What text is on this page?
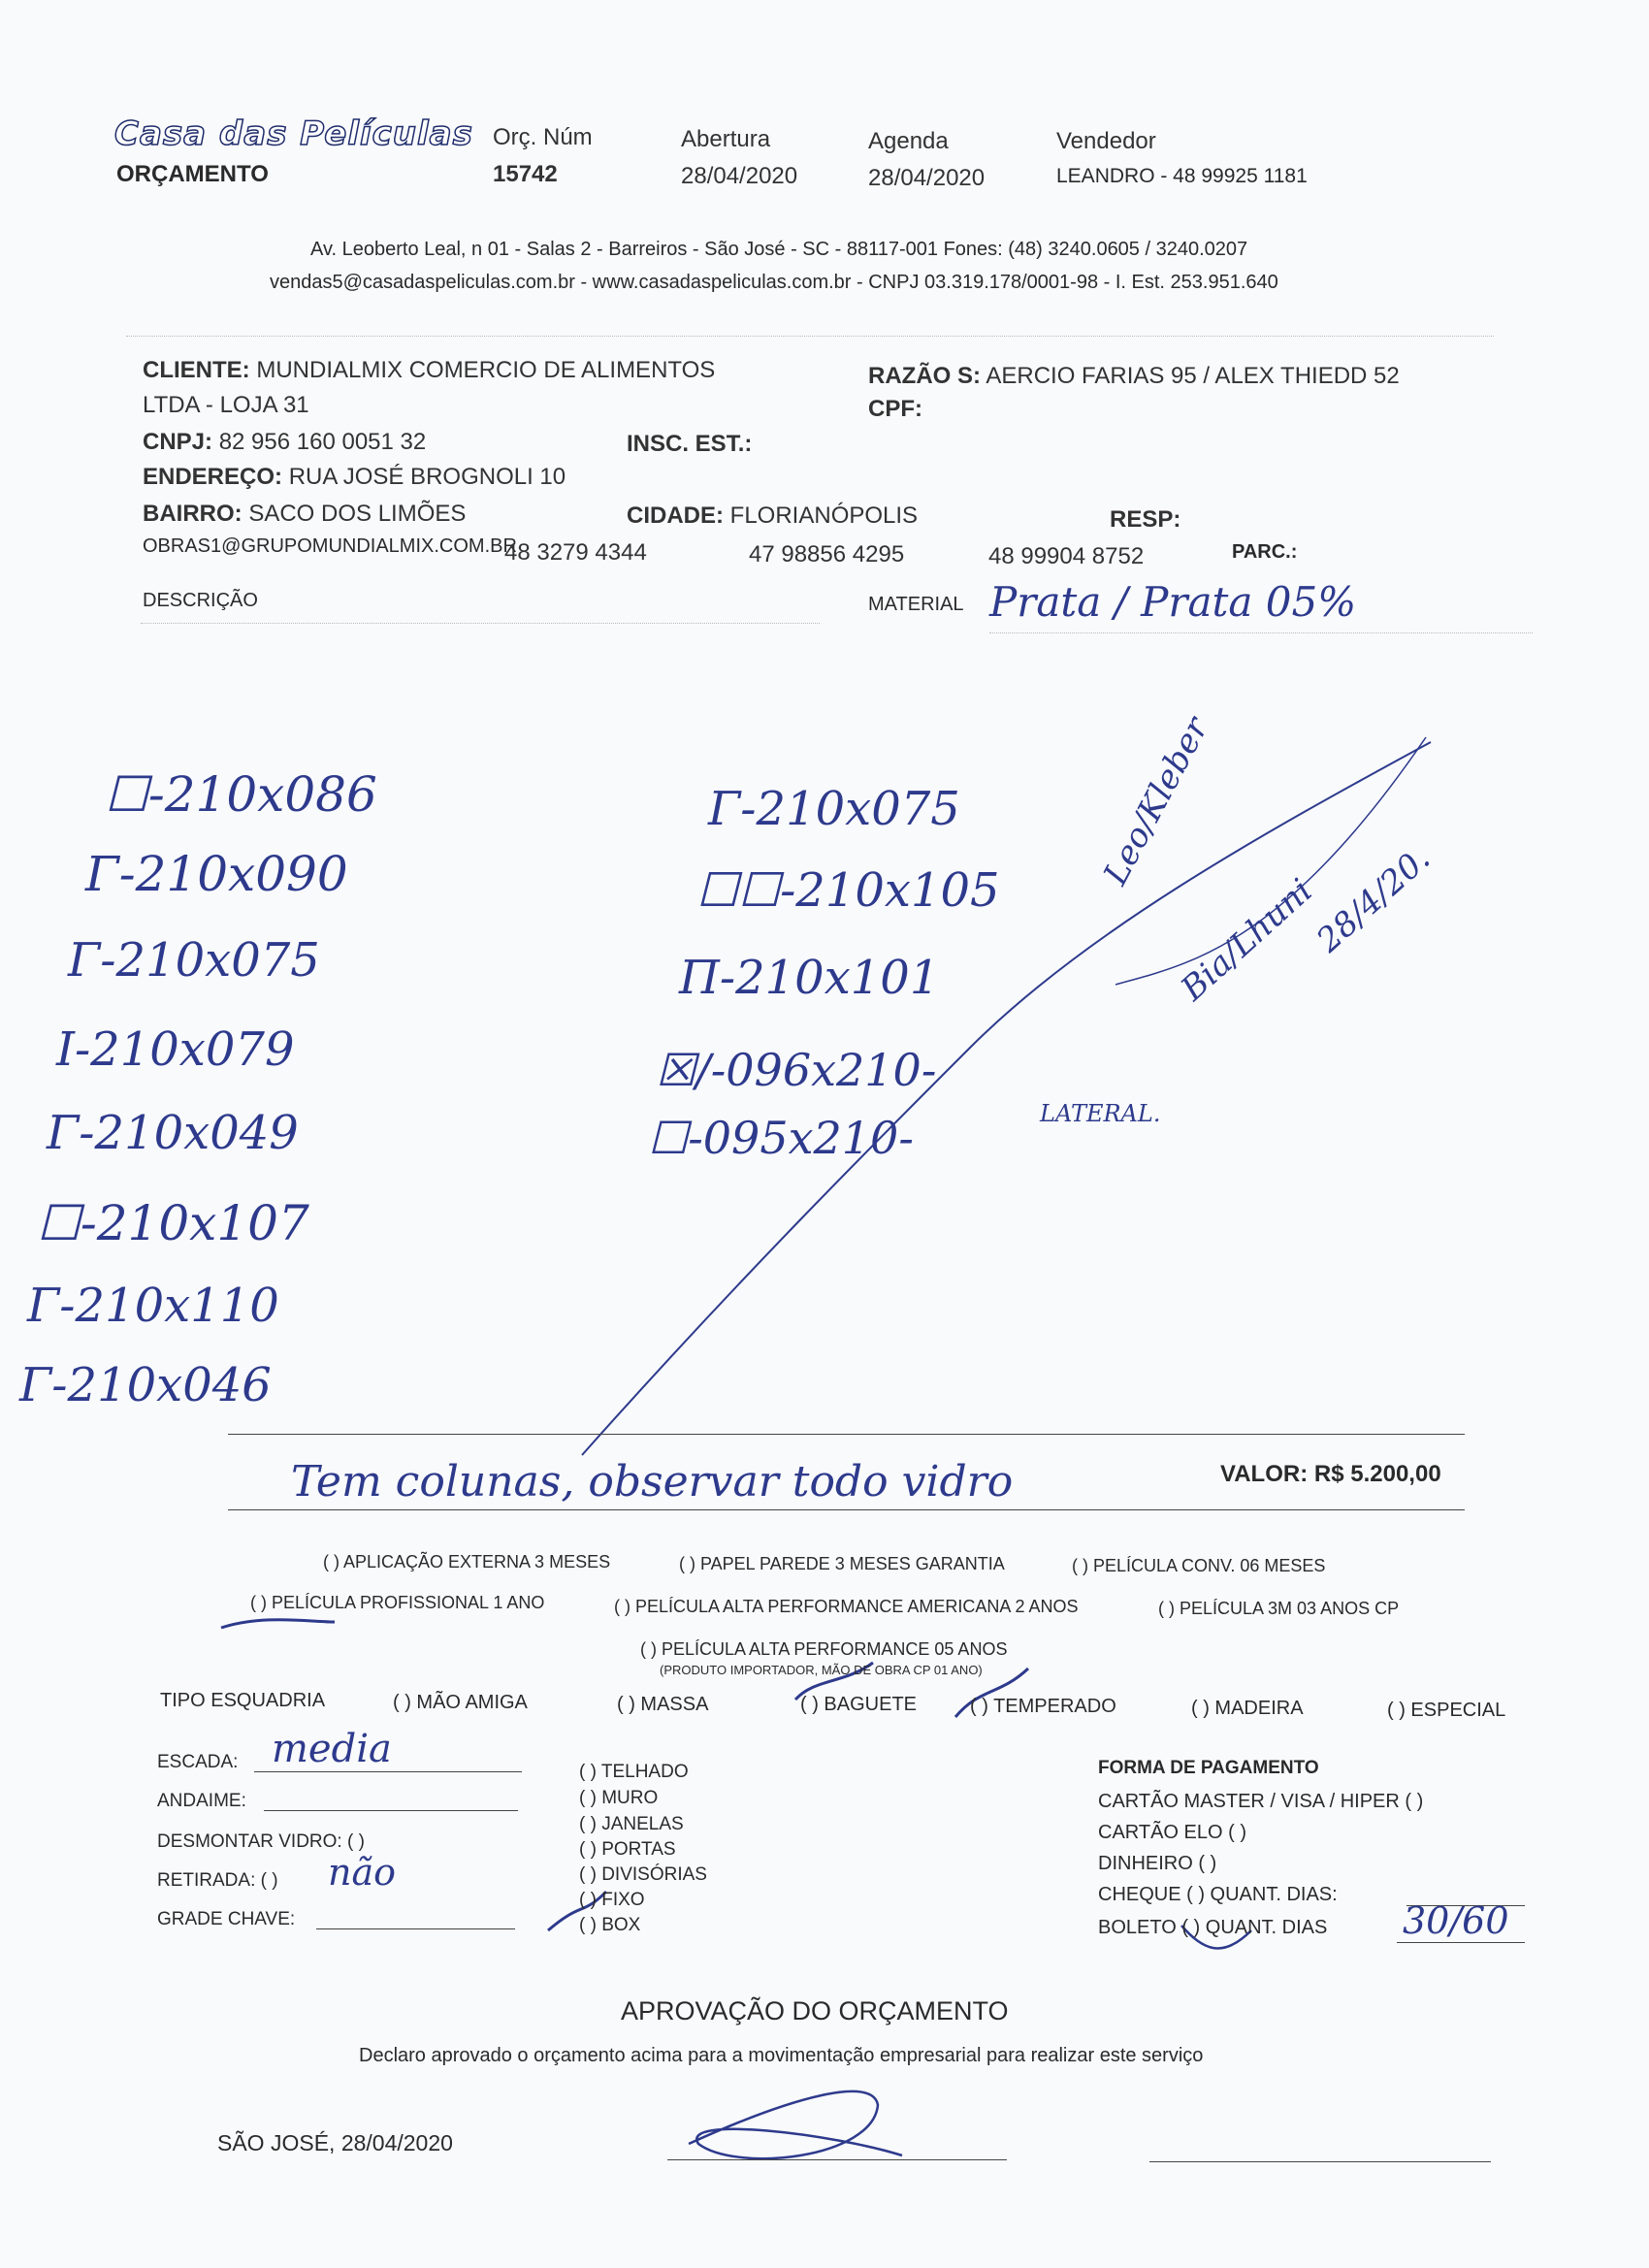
Casa das Películas
ORÇAMENTO
Orç. Núm
15742
Abertura
28/04/2020
Agenda
28/04/2020
Vendedor
LEANDRO - 48 99925 1181
Av. Leoberto Leal, n 01 - Salas 2 - Barreiros - São José - SC - 88117-001 Fones: (48) 3240.0605 / 3240.0207
vendas5@casadaspeliculas.com.br - www.casadaspeliculas.com.br - CNPJ 03.319.178/0001-98 - I. Est. 253.951.640
CLIENTE: MUNDIALMIX COMERCIO DE ALIMENTOS
LTDA - LOJA 31
RAZÃO S: AERCIO FARIAS 95 / ALEX THIEDD 52
CPF:
CNPJ: 82 956 160 0051 32	INSC. EST.:
ENDEREÇO: RUA JOSÉ BROGNOLI 10
BAIRRO: SACO DOS LIMÕES	CIDADE: FLORIANÓPOLIS	RESP:
OBRAS1@GRUPOMUNDIALMIX.COM.BR
48 3279 4344	47 98856 4295	48 99904 8752	PARC.:
DESCRIÇÃO	MATERIAL Prata / Prata 05%
☐-210x086
Γ-210x090
Γ-210x075
I-210x079
Γ-210x049
☐-210x107
Γ-210x110
Γ-210x046
Γ-210x075
☐☐-210x105
Π-210x101
☒/-096x210-
☐-095x210-	LATERAL.
Leo/Kleber
Bia/Lhuni
28/4/20.
Tem colunas, observar todo vidro	VALOR: R$ 5.200,00
( ) APLICAÇÃO EXTERNA 3 MESES	( ) PAPEL PAREDE 3 MESES GARANTIA	( ) PELÍCULA CONV. 06 MESES
( ) PELÍCULA PROFISSIONAL 1 ANO	( ) PELÍCULA ALTA PERFORMANCE AMERICANA 2 ANOS	( ) PELÍCULA 3M 03 ANOS CP
( ) PELÍCULA ALTA PERFORMANCE 05 ANOS
(PRODUTO IMPORTADOR, MÃO DE OBRA CP 01 ANO)
TIPO ESQUADRIA	( ) MÃO AMIGA	( ) MASSA	( ) BAGUETE	( ) TEMPERADO	( ) MADEIRA	( ) ESPECIAL
ESCADA: media
ANDAIME:
DESMONTAR VIDRO: ( )
RETIRADA: ( ) não
GRADE CHAVE:
( ) TELHADO
( ) MURO
( ) JANELAS
( ) PORTAS
( ) DIVISÓRIAS
( ) FIXO
( ) BOX
FORMA DE PAGAMENTO
CARTÃO MASTER / VISA / HIPER ( )
CARTÃO ELO ( )
DINHEIRO ( )
CHEQUE ( ) QUANT. DIAS:
BOLETO ( ) QUANT. DIAS 30/60
APROVAÇÃO DO ORÇAMENTO
Declaro aprovado o orçamento acima para a movimentação empresarial para realizar este serviço
SÃO JOSÉ, 28/04/2020
